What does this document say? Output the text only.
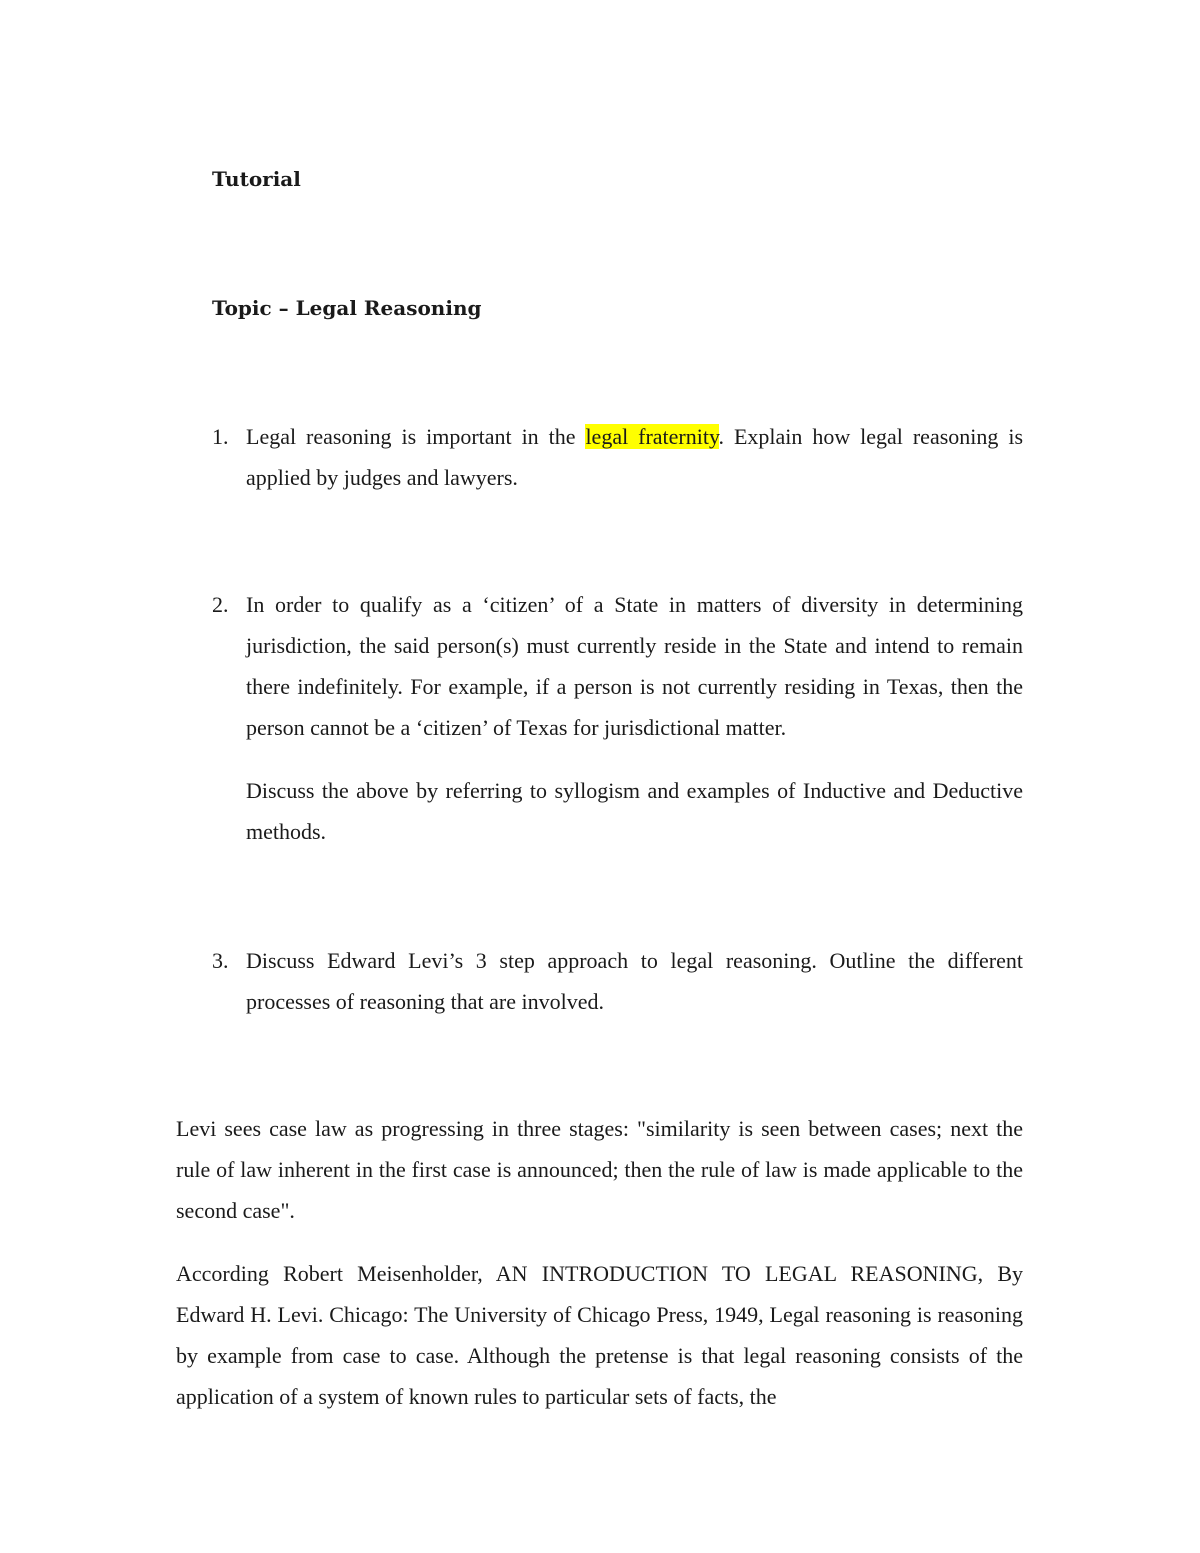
Tutorial
Topic – Legal Reasoning
1. Legal reasoning is important in the legal fraternity. Explain how legal reasoning is applied by judges and lawyers.

2. In order to qualify as a ‘citizen’ of a State in matters of diversity in determining jurisdiction, the said person(s) must currently reside in the State and intend to remain there indefinitely. For example, if a person is not currently residing in Texas, then the person cannot be a ‘citizen’ of Texas for jurisdictional matter.

Discuss the above by referring to syllogism and examples of Inductive and Deductive methods.

3. Discuss Edward Levi’s 3 step approach to legal reasoning. Outline the different processes of reasoning that are involved.

Levi sees case law as progressing in three stages: "similarity is seen between cases; next the rule of law inherent in the first case is announced; then the rule of law is made applicable to the second case".

According Robert Meisenholder, AN INTRODUCTION TO LEGAL REASONING, By Edward H. Levi. Chicago: The University of Chicago Press, 1949, Legal reasoning is reasoning by example from case to case. Although the pretense is that legal reasoning consists of the application of a system of known rules to particular sets of facts, the
